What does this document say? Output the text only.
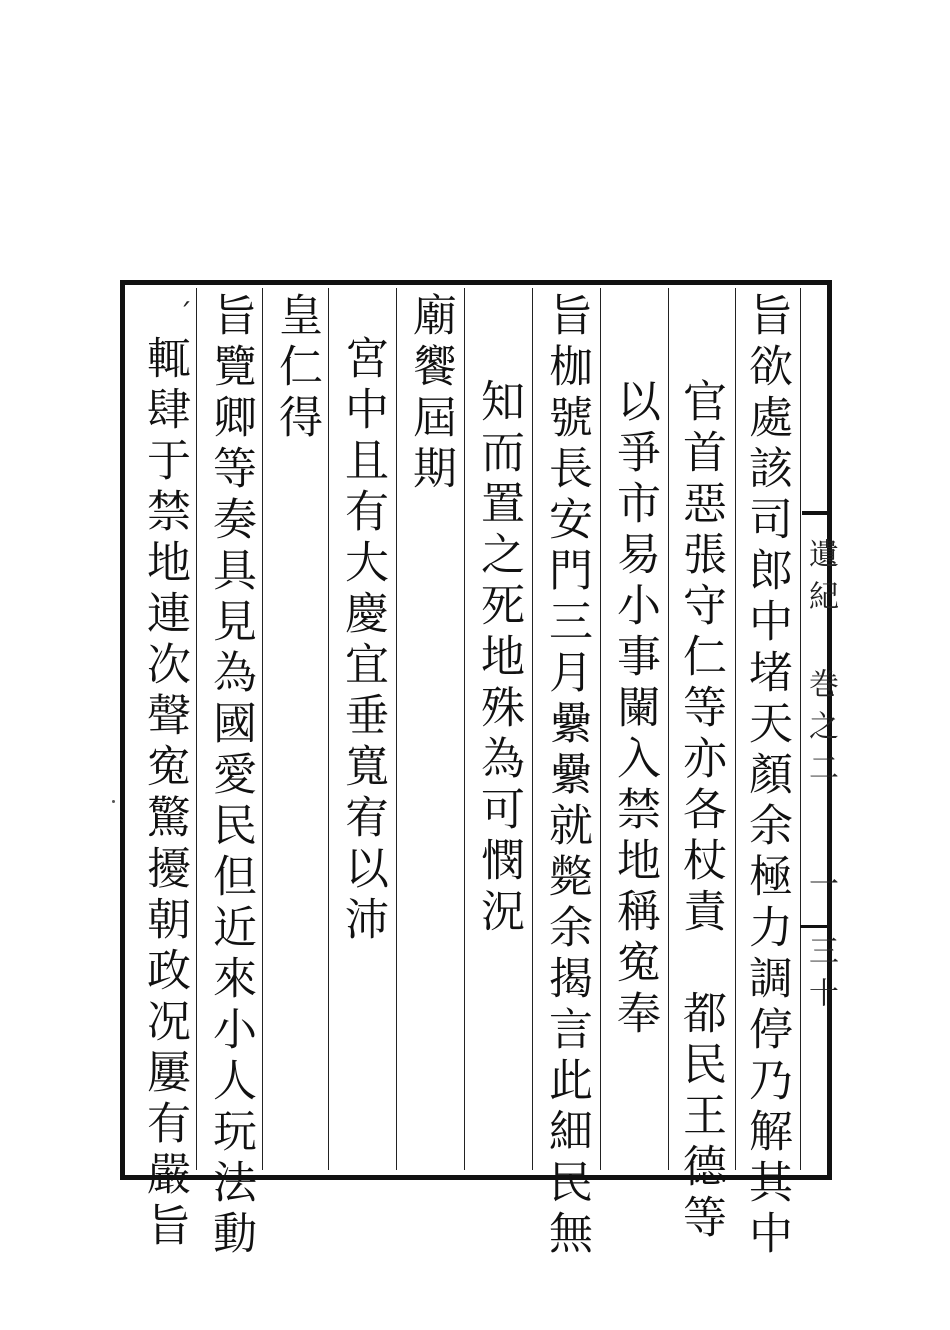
旨欲處該司郎中堵天顏余極力調停乃解其中
官首惡張守仁等亦各杖責　都民王德等
以爭市易小事闌入禁地稱寃奉
旨枷號長安門三月纍纍就斃余揭言此細民無
知而置之死地殊為可憫況
廟饗屆期
宮中且有大慶宜垂寬宥以沛
皇仁得
旨覽卿等奏具見為國愛民但近來小人玩法動
輒肆于禁地連次聲寃驚擾朝政况屢有嚴旨
ˊ
遺紀
巻之二
一
三十
